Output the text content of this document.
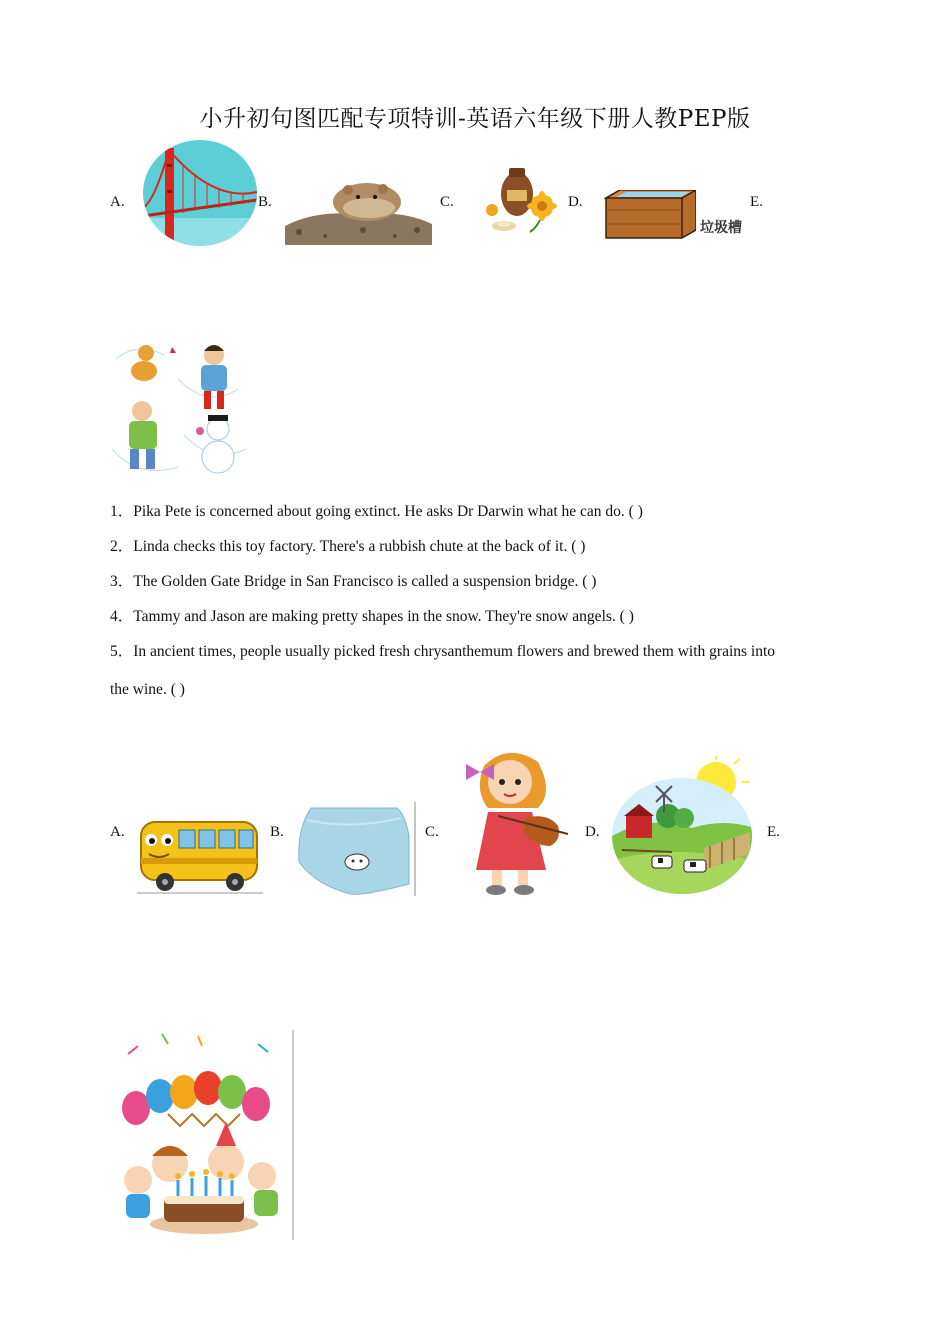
小升初句图匹配专项特训-英语六年级下册人教PEP版
A.	B.	C.	D.
垃圾槽
E.
1．Pika Pete is concerned about going extinct. He asks Dr Darwin what he can do. ( )
2．Linda checks this toy factory. There's a rubbish chute at the back of it. ( )
3．The Golden Gate Bridge in San Francisco is called a suspension bridge. ( )
4．Tammy and Jason are making pretty shapes in the snow. They're snow angels. ( )
5．In ancient times, people usually picked fresh chrysanthemum flowers and brewed them with grains into
the wine. ( )
A.	B.	C.	D.	E.
